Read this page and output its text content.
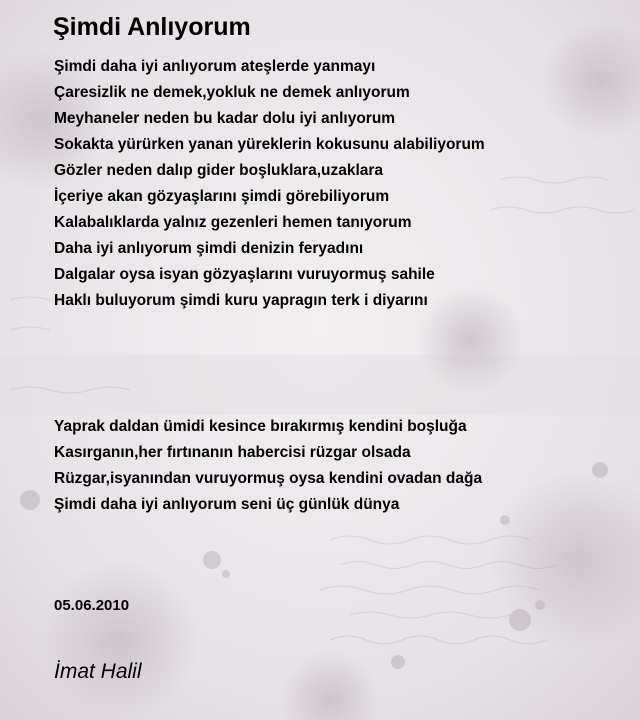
Şimdi Anlıyorum
Şimdi daha iyi anlıyorum ateşlerde yanmayı
Çaresizlik ne demek,yokluk ne demek anlıyorum
Meyhaneler neden bu kadar dolu iyi anlıyorum
Sokakta yürürken yanan yüreklerin kokusunu alabiliyorum
Gözler neden dalıp gider boşluklara,uzaklara
İçeriye akan gözyaşlarını şimdi görebiliyorum
Kalabalıklarda yalnız gezenleri hemen tanıyorum
Daha iyi anlıyorum şimdi denizin feryadını
Dalgalar oysa isyan gözyaşlarını vuruyormuş sahile
Haklı buluyorum şimdi kuru yapragın terk i diyarını
Yaprak daldan ümidi kesince bırakırmış kendini boşluğa
Kasırganın,her fırtınanın habercisi rüzgar olsada
Rüzgar,isyanından vuruyormuş oysa kendini ovadan dağa
Şimdi daha iyi anlıyorum seni üç günlük dünya
05.06.2010
İmat Halil
